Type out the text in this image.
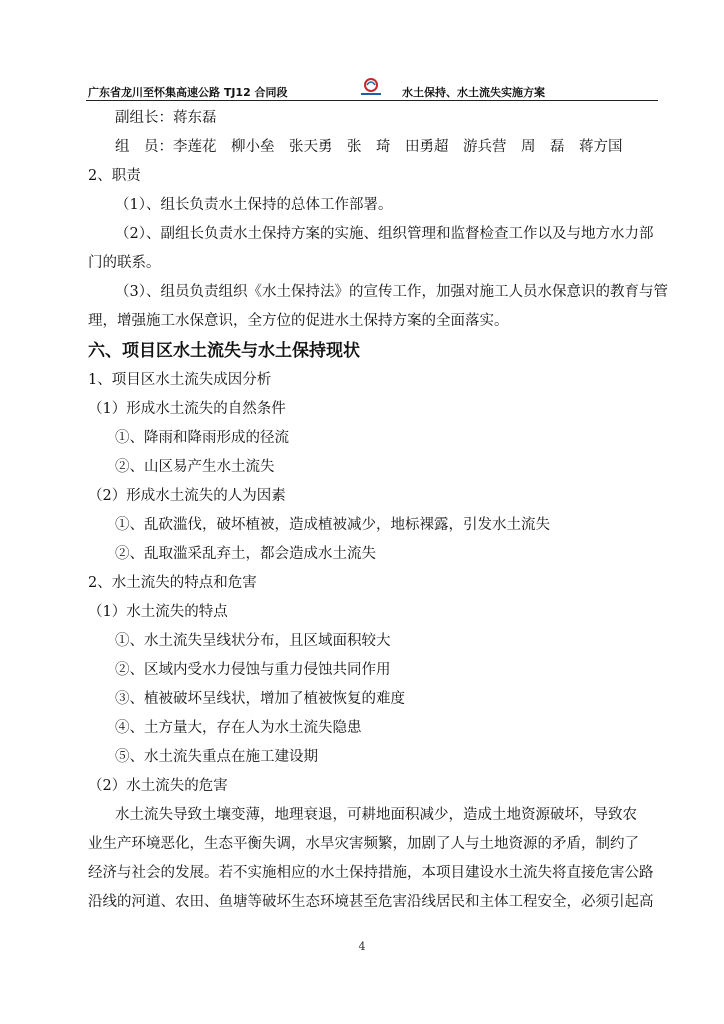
广东省龙川至怀集高速公路 TJ12 合同段	水土保持、水土流失实施方案
副组长：蒋东磊
组　员：李莲花　柳小垒　张天勇　张　琦　田勇超　游兵营　周　磊　蒋方国
2、职责
（1）、组长负责水土保持的总体工作部署。
（2）、副组长负责水土保持方案的实施、组织管理和监督检查工作以及与地方水力部
门的联系。
（3）、组员负责组织《水土保持法》的宣传工作，加强对施工人员水保意识的教育与管
理，增强施工水保意识，全方位的促进水土保持方案的全面落实。
六、项目区水土流失与水土保持现状
1、项目区水土流失成因分析
（1）形成水土流失的自然条件
①、降雨和降雨形成的径流
②、山区易产生水土流失
（2）形成水土流失的人为因素
①、乱砍滥伐，破坏植被，造成植被减少，地标裸露，引发水土流失
②、乱取滥采乱弃土，都会造成水土流失
2、水土流失的特点和危害
（1）水土流失的特点
①、水土流失呈线状分布，且区域面积较大
②、区域内受水力侵蚀与重力侵蚀共同作用
③、植被破坏呈线状，增加了植被恢复的难度
④、土方量大，存在人为水土流失隐患
⑤、水土流失重点在施工建设期
（2）水土流失的危害
水土流失导致土壤变薄，地理衰退，可耕地面积减少，造成土地资源破坏，导致农
业生产环境恶化，生态平衡失调，水旱灾害频繁，加剧了人与土地资源的矛盾，制约了
经济与社会的发展。若不实施相应的水土保持措施，本项目建设水土流失将直接危害公路
沿线的河道、农田、鱼塘等破坏生态环境甚至危害沿线居民和主体工程安全，必须引起高
4
